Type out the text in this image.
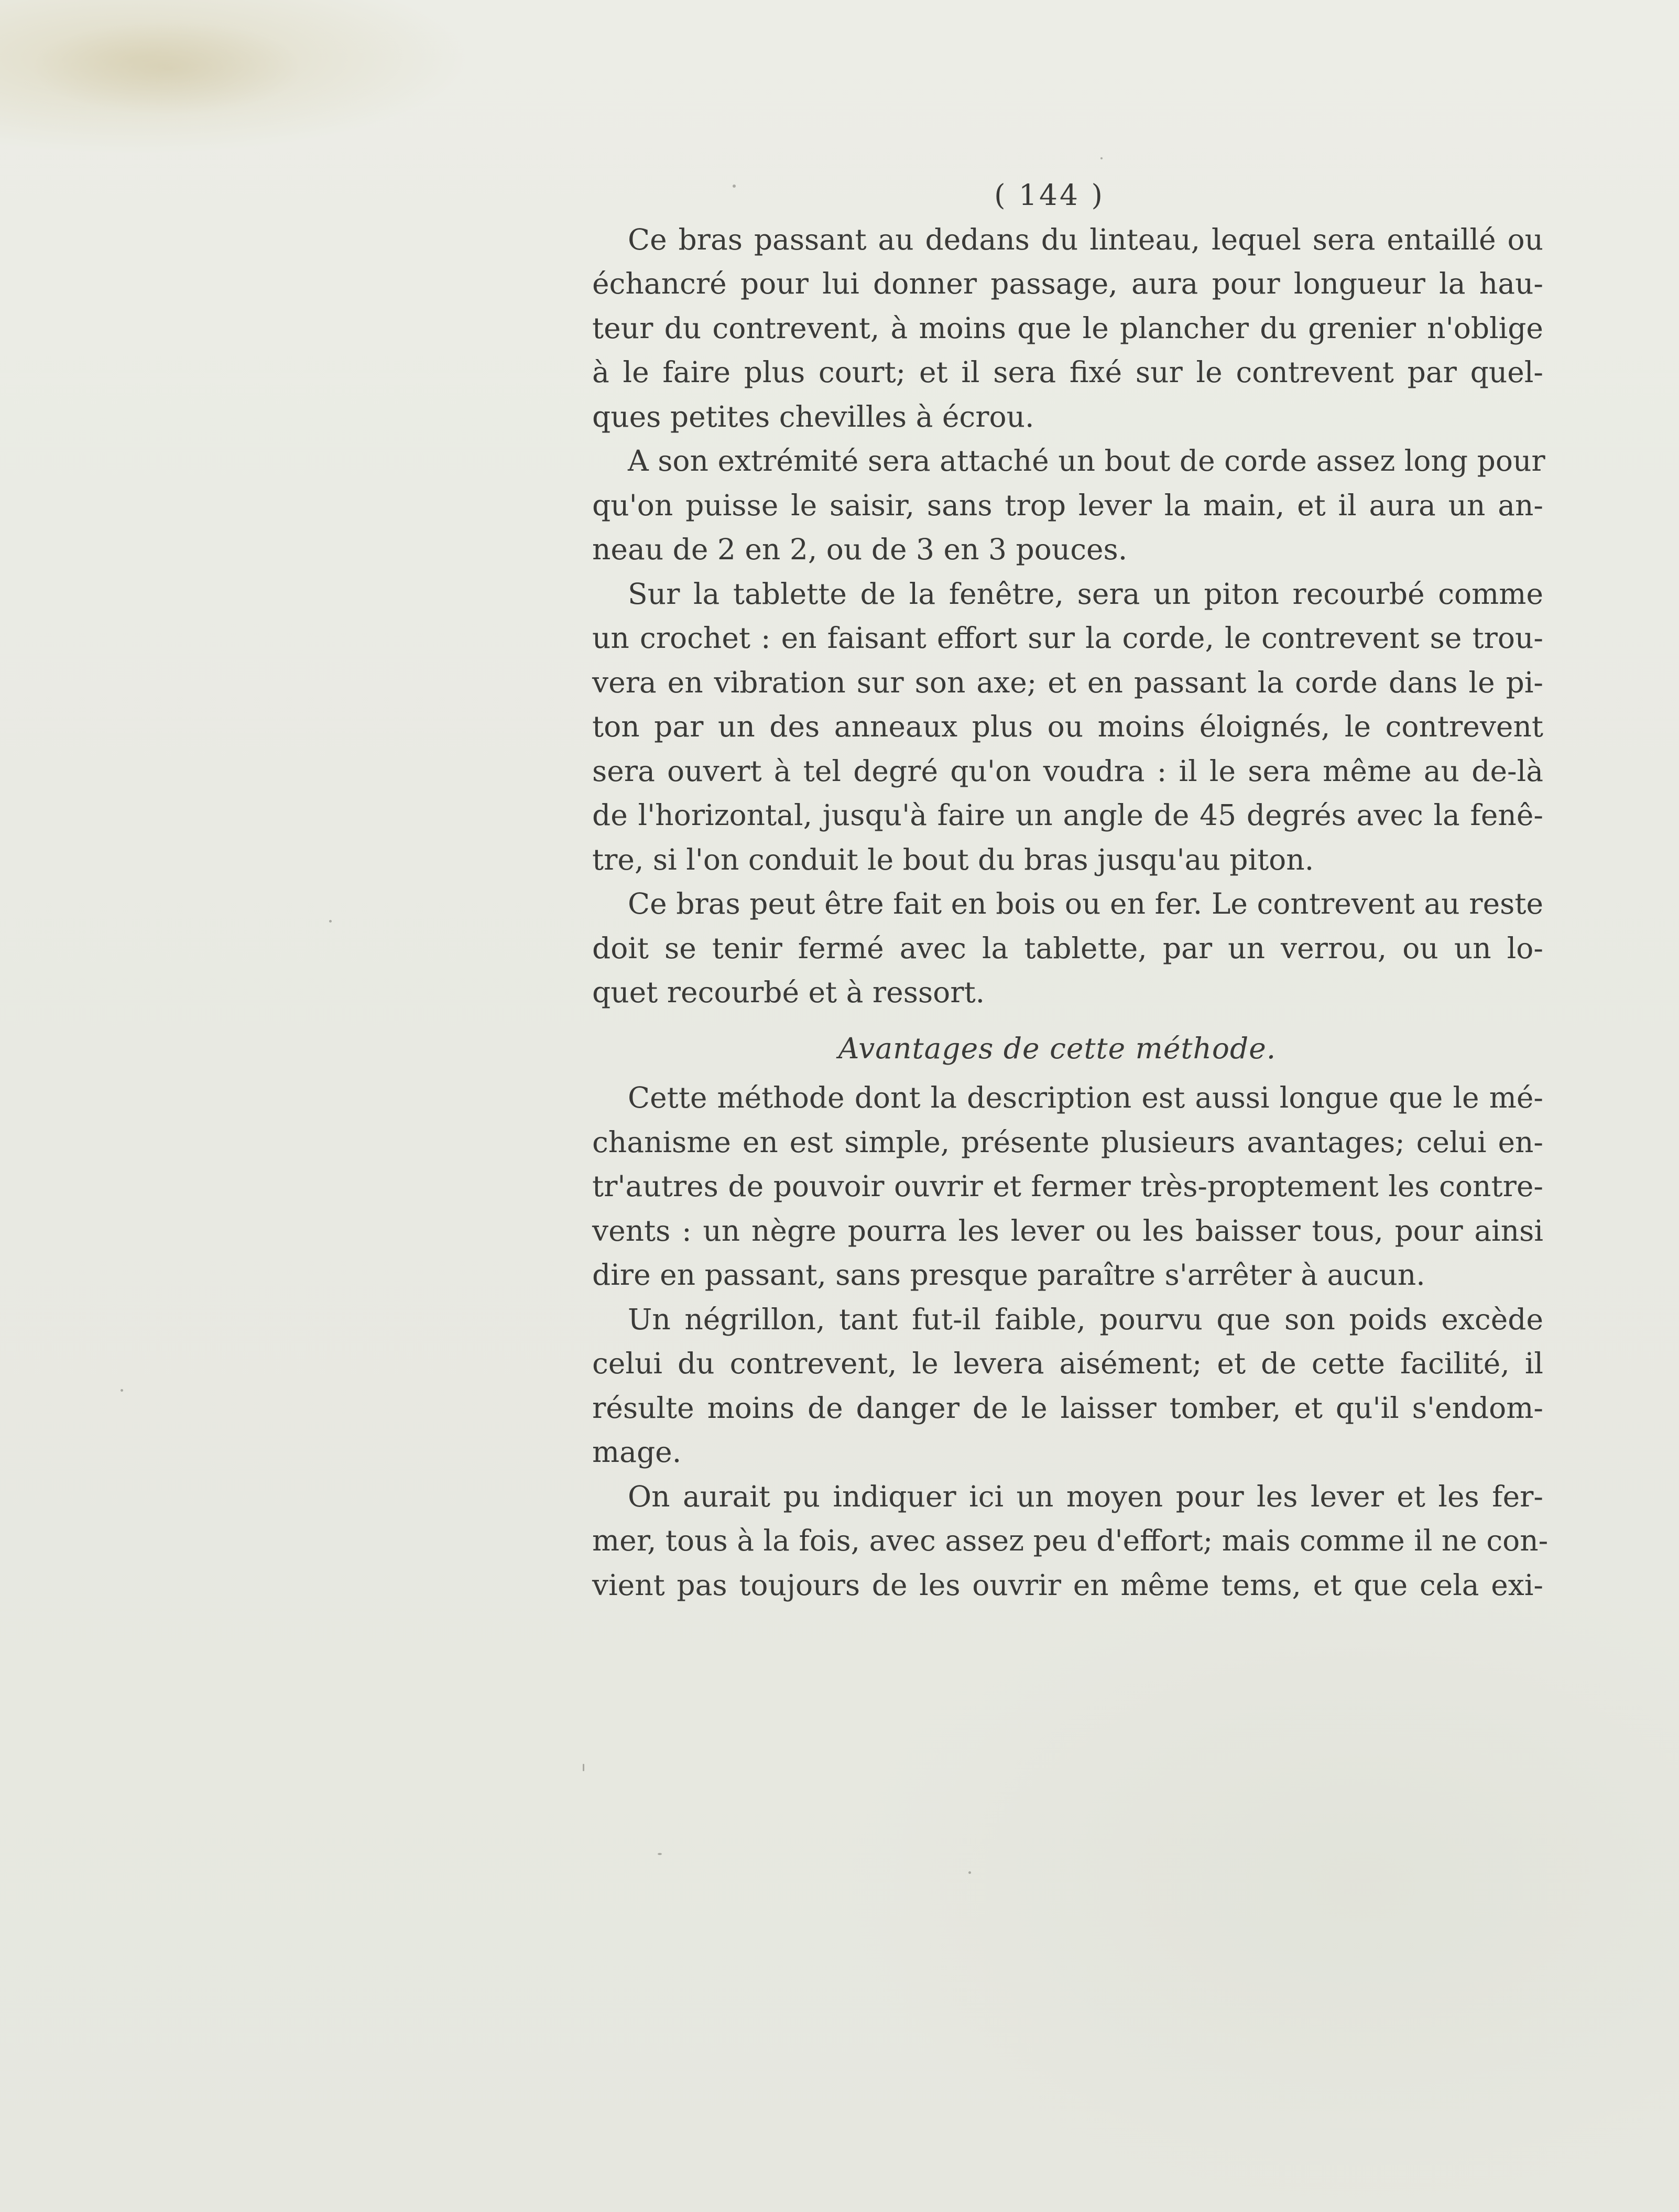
( 144 )
Ce bras passant au dedans du linteau, lequel sera entaillé ou
échancré pour lui donner passage, aura pour longueur la hau-
teur du contrevent, à moins que le plancher du grenier n'oblige
à le faire plus court; et il sera fixé sur le contrevent par quel-
ques petites chevilles à écrou.
A son extrémité sera attaché un bout de corde assez long pour
qu'on puisse le saisir, sans trop lever la main, et il aura un an-
neau de 2 en 2, ou de 3 en 3 pouces.
Sur la tablette de la fenêtre, sera un piton recourbé comme
un crochet : en faisant effort sur la corde, le contrevent se trou-
vera en vibration sur son axe; et en passant la corde dans le pi-
ton par un des anneaux plus ou moins éloignés, le contrevent
sera ouvert à tel degré qu'on voudra : il le sera même au de-là
de l'horizontal, jusqu'à faire un angle de 45 degrés avec la fenê-
tre, si l'on conduit le bout du bras jusqu'au piton.
Ce bras peut être fait en bois ou en fer. Le contrevent au reste
doit se tenir fermé avec la tablette, par un verrou, ou un lo-
quet recourbé et à ressort.
Avantages de cette méthode.
Cette méthode dont la description est aussi longue que le mé-
chanisme en est simple, présente plusieurs avantages; celui en-
tr'autres de pouvoir ouvrir et fermer très-proptement les contre-
vents : un nègre pourra les lever ou les baisser tous, pour ainsi
dire en passant, sans presque paraître s'arrêter à aucun.
Un négrillon, tant fut-il faible, pourvu que son poids excède
celui du contrevent, le levera aisément; et de cette facilité, il
résulte moins de danger de le laisser tomber, et qu'il s'endom-
mage.
On aurait pu indiquer ici un moyen pour les lever et les fer-
mer, tous à la fois, avec assez peu d'effort; mais comme il ne con-
vient pas toujours de les ouvrir en même tems, et que cela exi-
